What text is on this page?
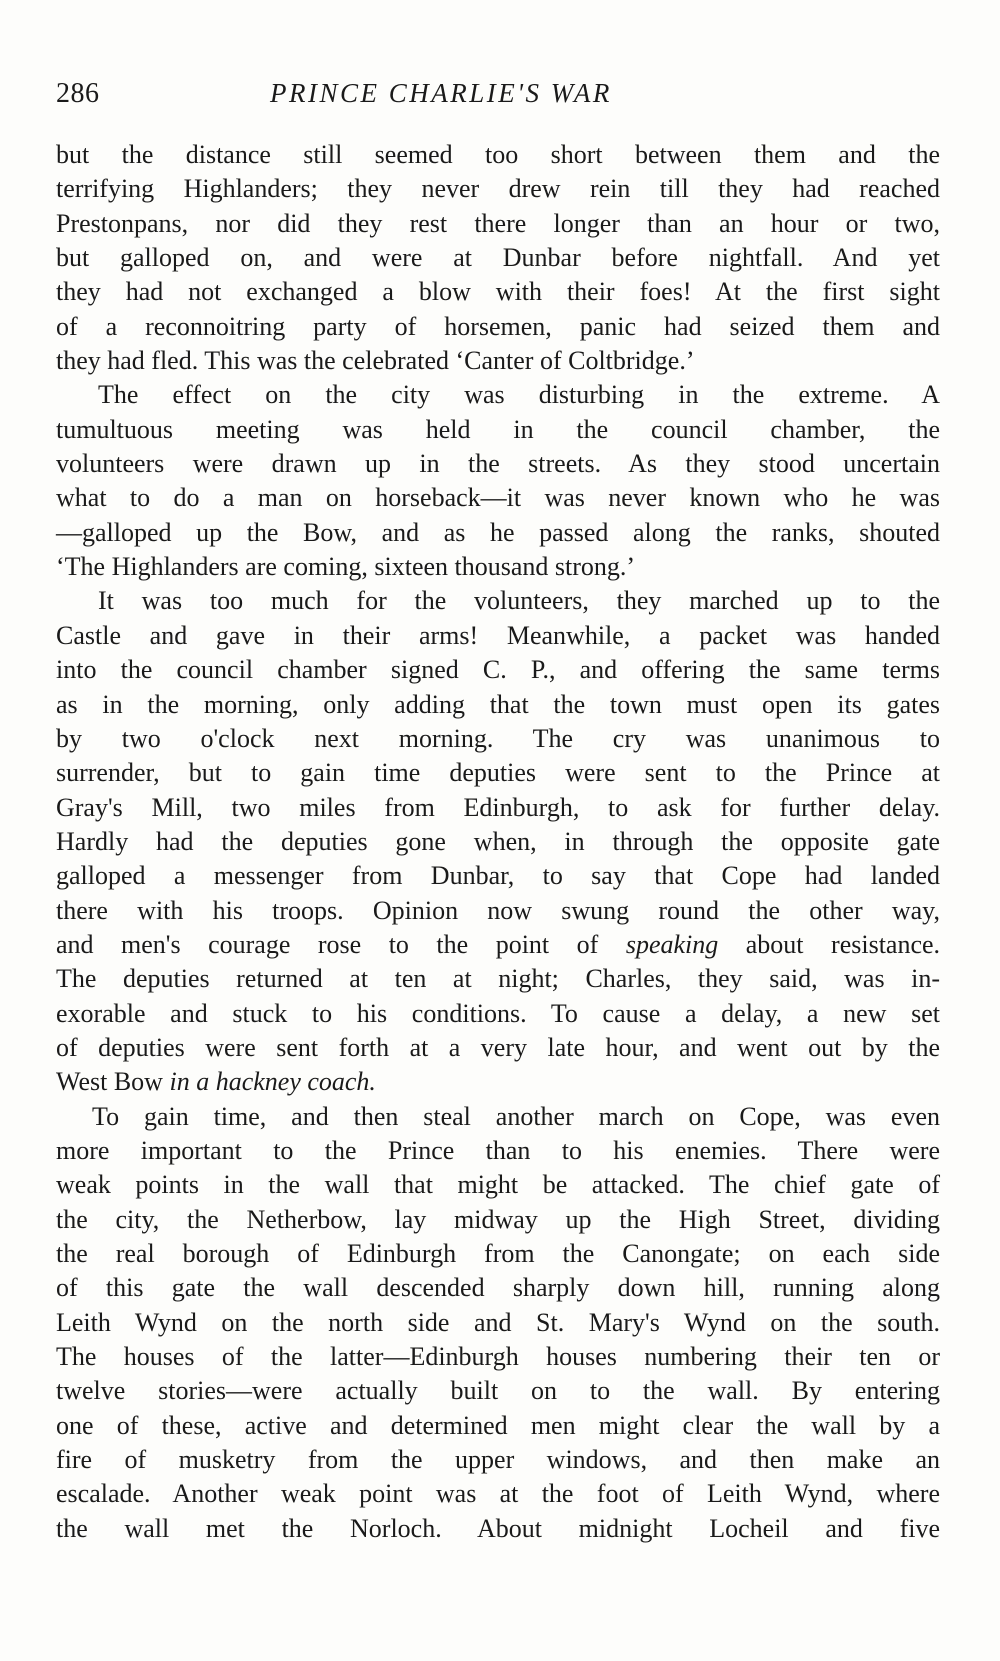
286	PRINCE CHARLIE'S WAR
but the distance still seemed too short between them and the
terrifying Highlanders; they never drew rein till they had reached
Prestonpans, nor did they rest there longer than an hour or two,
but galloped on, and were at Dunbar before nightfall. And yet
they had not exchanged a blow with their foes! At the first sight
of a reconnoitring party of horsemen, panic had seized them and
they had fled. This was the celebrated ‘Canter of Coltbridge.’
The effect on the city was disturbing in the extreme. A
tumultuous meeting was held in the council chamber, the
volunteers were drawn up in the streets. As they stood uncertain
what to do a man on horseback—it was never known who he was
—galloped up the Bow, and as he passed along the ranks, shouted
‘The Highlanders are coming, sixteen thousand strong.’
It was too much for the volunteers, they marched up to the
Castle and gave in their arms! Meanwhile, a packet was handed
into the council chamber signed C. P., and offering the same terms
as in the morning, only adding that the town must open its gates
by two o'clock next morning. The cry was unanimous to
surrender, but to gain time deputies were sent to the Prince at
Gray's Mill, two miles from Edinburgh, to ask for further delay.
Hardly had the deputies gone when, in through the opposite gate
galloped a messenger from Dunbar, to say that Cope had landed
there with his troops. Opinion now swung round the other way,
and men's courage rose to the point of speaking about resistance.
The deputies returned at ten at night; Charles, they said, was in-
exorable and stuck to his conditions. To cause a delay, a new set
of deputies were sent forth at a very late hour, and went out by the
West Bow in a hackney coach.
To gain time, and then steal another march on Cope, was even
more important to the Prince than to his enemies. There were
weak points in the wall that might be attacked. The chief gate of
the city, the Netherbow, lay midway up the High Street, dividing
the real borough of Edinburgh from the Canongate; on each side
of this gate the wall descended sharply down hill, running along
Leith Wynd on the north side and St. Mary's Wynd on the south.
The houses of the latter—Edinburgh houses numbering their ten or
twelve stories—were actually built on to the wall. By entering
one of these, active and determined men might clear the wall by a
fire of musketry from the upper windows, and then make an
escalade. Another weak point was at the foot of Leith Wynd, where
the wall met the Norloch. About midnight Locheil and five
